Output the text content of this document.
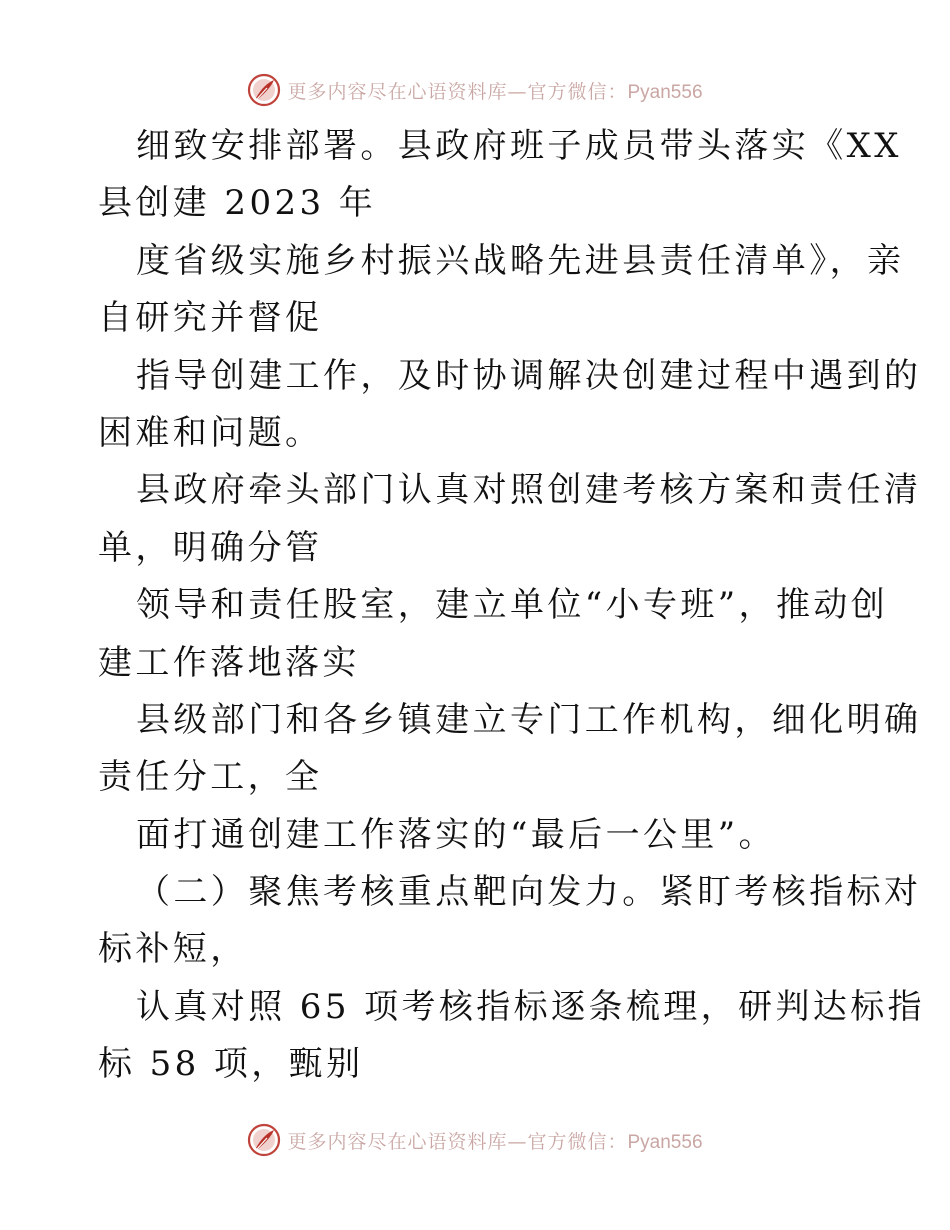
更多内容尽在心语资料库—官方微信：Pyan556
细致安排部署。县政府班子成员带头落实《XX
县创建 2023 年
度省级实施乡村振兴战略先进县责任清单》，亲
自研究并督促
指导创建工作，及时协调解决创建过程中遇到的
困难和问题。
县政府牵头部门认真对照创建考核方案和责任清
单，明确分管
领导和责任股室，建立单位“小专班”，推动创
建工作落地落实
县级部门和各乡镇建立专门工作机构，细化明确
责任分工，全
面打通创建工作落实的“最后一公里”。
（二）聚焦考核重点靶向发力。紧盯考核指标对
标补短，
认真对照 65 项考核指标逐条梳理，研判达标指
标 58 项，甄别
更多内容尽在心语资料库—官方微信：Pyan556
